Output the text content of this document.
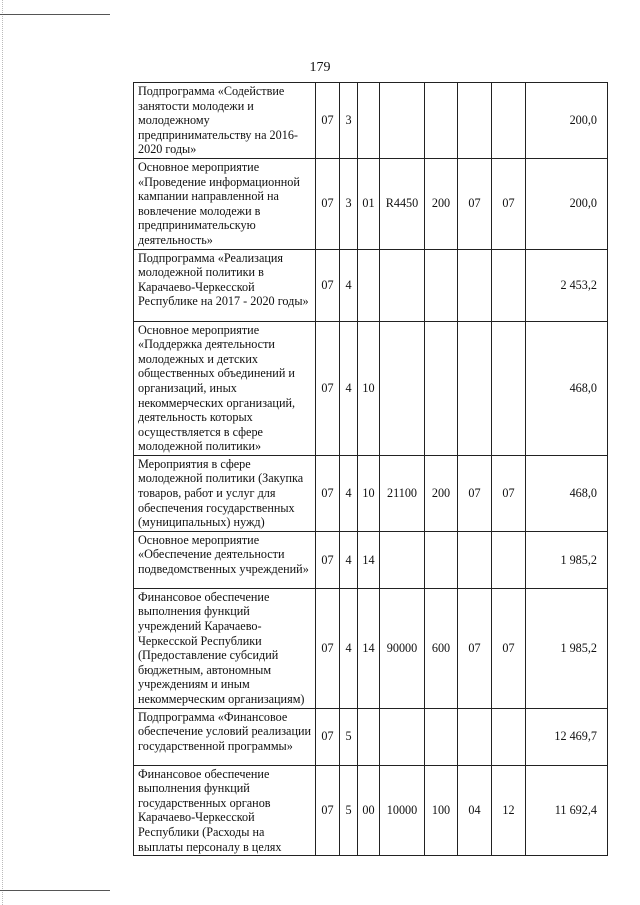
179
Подпрограмма «Содействие занятости молодежи и молодежному предпринимательству на 2016-2020 годы»	07	3						200,0
Основное мероприятие «Проведение информационной кампании направленной на вовлечение молодежи в предпринимательскую деятельность»	07	3	01	R4450	200	07	07	200,0
Подпрограмма «Реализация молодежной политики в Карачаево-Черкесской Республике на 2017 - 2020 годы»	07	4						2 453,2
Основное мероприятие «Поддержка деятельности молодежных и детских общественных объединений и организаций, иных некоммерческих организаций, деятельность которых осуществляется в сфере молодежной политики»	07	4	10					468,0
Мероприятия в сфере молодежной политики (Закупка товаров, работ и услуг для обеспечения государственных (муниципальных) нужд)	07	4	10	21100	200	07	07	468,0
Основное мероприятие «Обеспечение деятельности подведомственных учреждений»	07	4	14					1 985,2
Финансовое обеспечение выполнения функций учреждений Карачаево-Черкесской Республики (Предоставление субсидий бюджетным, автономным учреждениям и иным некоммерческим организациям)	07	4	14	90000	600	07	07	1 985,2
Подпрограмма «Финансовое обеспечение условий реализации государственной программы»	07	5						12 469,7
Финансовое обеспечение выполнения функций государственных органов Карачаево-Черкесской Республики (Расходы на выплаты персоналу в целях	07	5	00	10000	100	04	12	11 692,4
